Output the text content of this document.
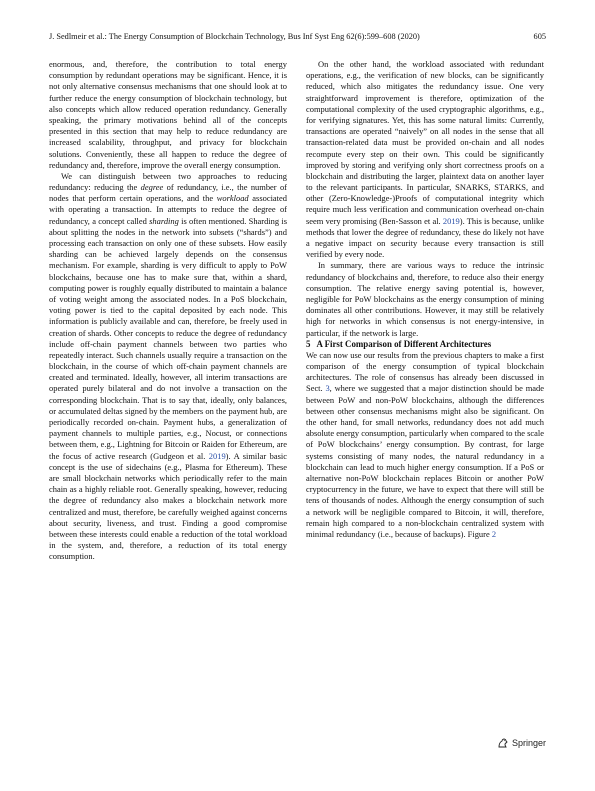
J. Sedlmeir et al.: The Energy Consumption of Blockchain Technology, Bus Inf Syst Eng 62(6):599–608 (2020)	605

enormous, and, therefore, the contribution to total energy consumption by redundant operations may be significant. Hence, it is not only alternative consensus mechanisms that one should look at to further reduce the energy consumption of blockchain technology, but also concepts which allow reduced operation redundancy. Generally speaking, the primary motivations behind all of the concepts presented in this section that may help to reduce redundancy are increased scalability, throughput, and privacy for blockchain solutions. Conveniently, these all happen to reduce the degree of redundancy and, therefore, improve the overall energy consumption.

We can distinguish between two approaches to reducing redundancy: reducing the degree of redundancy, i.e., the number of nodes that perform certain operations, and the workload associated with operating a transaction. In attempts to reduce the degree of redundancy, a concept called sharding is often mentioned. Sharding is about splitting the nodes in the network into subsets (“shards”) and processing each transaction on only one of these subsets. How easily sharding can be achieved largely depends on the consensus mechanism. For example, sharding is very difficult to apply to PoW blockchains, because one has to make sure that, within a shard, computing power is roughly equally distributed to maintain a balance of voting weight among the associated nodes. In a PoS blockchain, voting power is tied to the capital deposited by each node. This information is publicly available and can, therefore, be freely used in creation of shards. Other concepts to reduce the degree of redundancy include off-chain payment channels between two parties who repeatedly interact. Such channels usually require a transaction on the blockchain, in the course of which off-chain payment channels are created and terminated. Ideally, however, all interim transactions are operated purely bilateral and do not involve a transaction on the corresponding blockchain. That is to say that, ideally, only balances, or accumulated deltas signed by the members on the payment hub, are periodically recorded on-chain. Payment hubs, a generalization of payment channels to multiple parties, e.g., Nocust, or connections between them, e.g., Lightning for Bitcoin or Raiden for Ethereum, are the focus of active research (Gudgeon et al. 2019). A similar basic concept is the use of sidechains (e.g., Plasma for Ethereum). These are small blockchain networks which periodically refer to the main chain as a highly reliable root. Generally speaking, however, reducing the degree of redundancy also makes a blockchain network more centralized and must, therefore, be carefully weighed against concerns about security, liveness, and trust. Finding a good compromise between these interests could enable a reduction of the total workload in the system, and, therefore, a reduction of its total energy consumption.

On the other hand, the workload associated with redundant operations, e.g., the verification of new blocks, can be significantly reduced, which also mitigates the redundancy issue. One very straightforward improvement is therefore, optimization of the computational complexity of the used cryptographic algorithms, e.g., for verifying signatures. Yet, this has some natural limits: Currently, transactions are operated “naively” on all nodes in the sense that all transaction-related data must be provided on-chain and all nodes recompute every step on their own. This could be significantly improved by storing and verifying only short correctness proofs on a blockchain and distributing the larger, plaintext data on another layer to the relevant participants. In particular, SNARKS, STARKS, and other (Zero-Knowledge-)Proofs of computational integrity which require much less verification and communication overhead on-chain seem very promising (Ben-Sasson et al. 2019). This is because, unlike methods that lower the degree of redundancy, these do likely not have a negative impact on security because every transaction is still verified by every node.

In summary, there are various ways to reduce the intrinsic redundancy of blockchains and, therefore, to reduce also their energy consumption. The relative energy saving potential is, however, negligible for PoW blockchains as the energy consumption of mining dominates all other contributions. However, it may still be relatively high for networks in which consensus is not energy-intensive, in particular, if the network is large.

5 A First Comparison of Different Architectures

We can now use our results from the previous chapters to make a first comparison of the energy consumption of typical blockchain architectures. The role of consensus has already been discussed in Sect. 3, where we suggested that a major distinction should be made between PoW and non-PoW blockchains, although the differences between other consensus mechanisms might also be significant. On the other hand, for small networks, redundancy does not add much absolute energy consumption, particularly when compared to the scale of PoW blockchains’ energy consumption. By contrast, for large systems consisting of many nodes, the natural redundancy in a blockchain can lead to much higher energy consumption. If a PoS or alternative non-PoW blockchain replaces Bitcoin or another PoW cryptocurrency in the future, we have to expect that there will still be tens of thousands of nodes. Although the energy consumption of such a network will be negligible compared to Bitcoin, it will, therefore, remain high compared to a non-blockchain centralized system with minimal redundancy (i.e., because of backups). Figure 2

Springer
